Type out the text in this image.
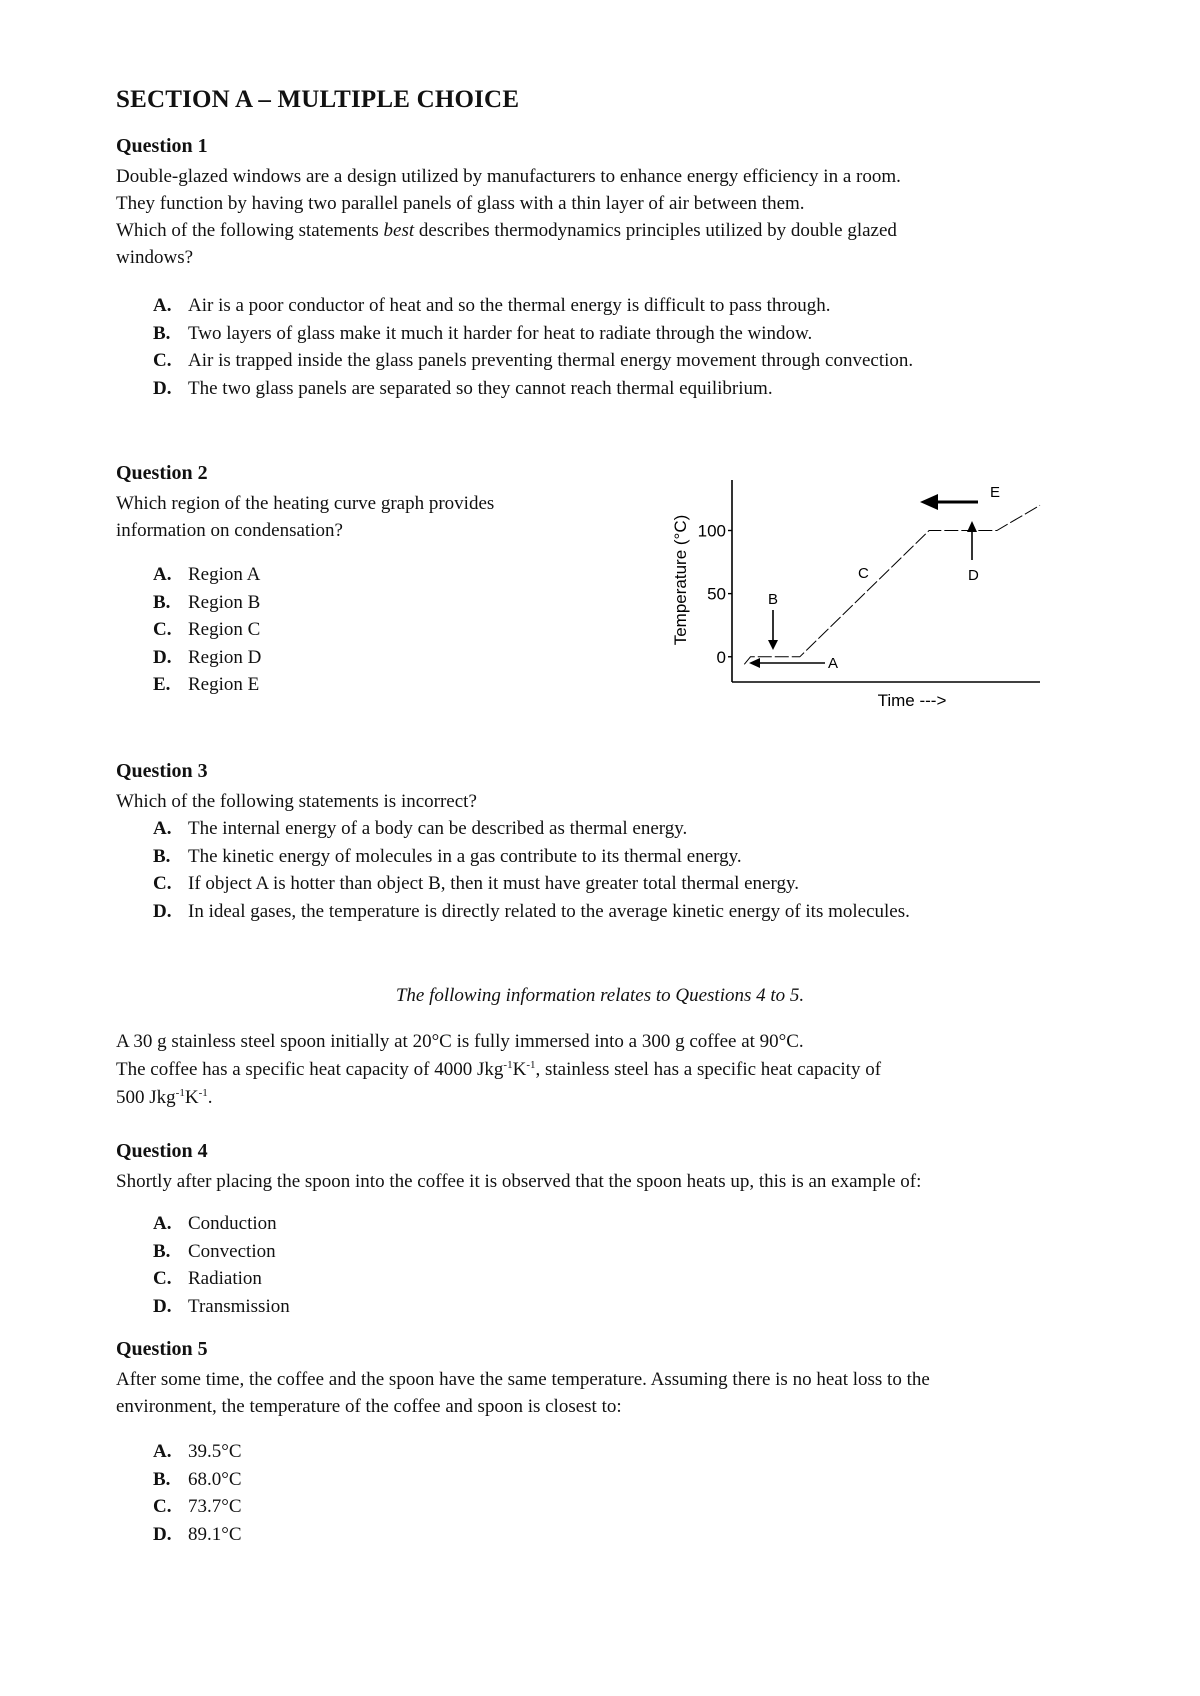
SECTION A – MULTIPLE CHOICE
Question 1
Double-glazed windows are a design utilized by manufacturers to enhance energy efficiency in a room.
They function by having two parallel panels of glass with a thin layer of air between them.
Which of the following statements best describes thermodynamics principles utilized by double glazed
windows?
A. Air is a poor conductor of heat and so the thermal energy is difficult to pass through.
B. Two layers of glass make it much it harder for heat to radiate through the window.
C. Air is trapped inside the glass panels preventing thermal energy movement through convection.
D. The two glass panels are separated so they cannot reach thermal equilibrium.
Question 2
Which region of the heating curve graph provides
information on condensation?
A. Region A
B. Region B
C. Region C
D. Region D
E. Region E
0
50
100
Temperature (°C)
Time --->
A
B
C	D
E
Question 3
Which of the following statements is incorrect?
A. The internal energy of a body can be described as thermal energy.
B. The kinetic energy of molecules in a gas contribute to its thermal energy.
C. If object A is hotter than object B, then it must have greater total thermal energy.
D. In ideal gases, the temperature is directly related to the average kinetic energy of its molecules.
The following information relates to Questions 4 to 5.
A 30 g stainless steel spoon initially at 20°C is fully immersed into a 300 g coffee at 90°C.
The coffee has a specific heat capacity of 4000 $Jkg^{-1}K^{-1}$, stainless steel has a specific heat capacity of
500 $Jkg^{-1}K^{-1}$.
Question 4
Shortly after placing the spoon into the coffee it is observed that the spoon heats up, this is an example of:
A. Conduction
B. Convection
C. Radiation
D. Transmission
Question 5
After some time, the coffee and the spoon have the same temperature. Assuming there is no heat loss to the
environment, the temperature of the coffee and spoon is closest to:
A. 39.5°C
B. 68.0°C
C. 73.7°C
D. 89.1°C
